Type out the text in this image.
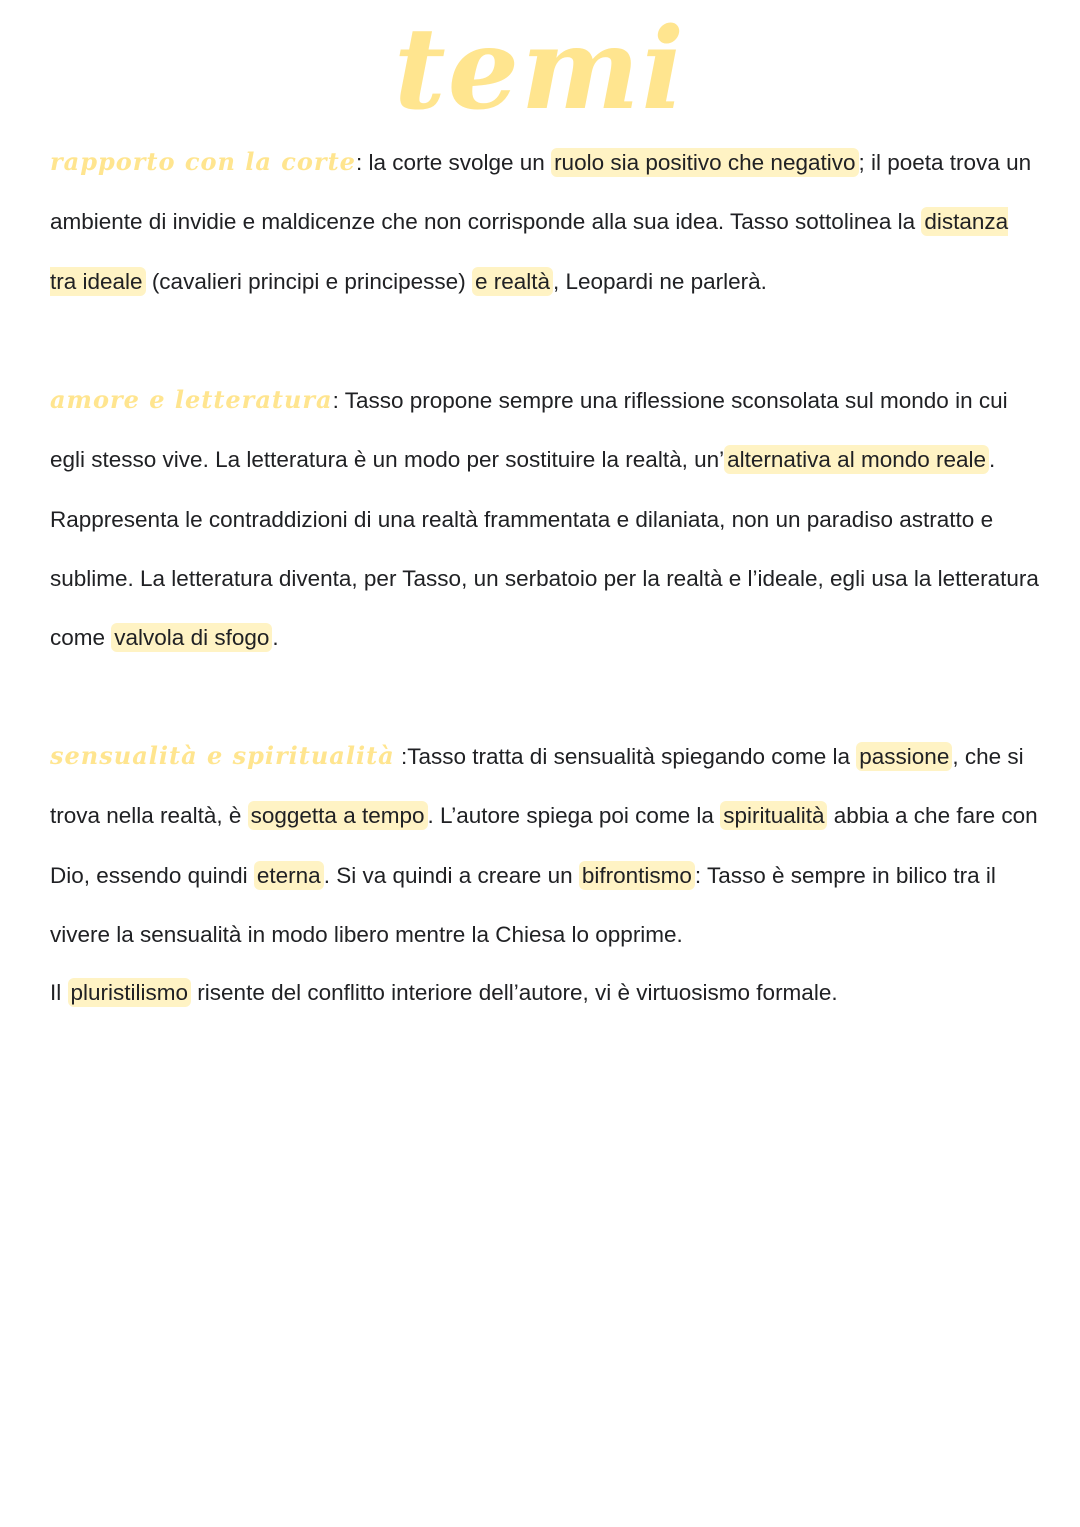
temi

rapporto con la corte: la corte svolge un ruolo sia positivo che negativo ; il poeta trova un ambiente di invidie e maldicenze che non corrisponde alla sua idea. Tasso sottolinea la distanza tra ideale (cavalieri principi e principesse) e realtà , Leopardi ne parlerà.

amore e letteratura: Tasso propone sempre una riflessione sconsolata sul mondo in cui egli stesso vive. La letteratura è un modo per sostituire la realtà, un’ alternativa al mondo reale . Rappresenta le contraddizioni di una realtà frammentata e dilaniata, non un paradiso astratto e sublime. La letteratura diventa, per Tasso, un serbatoio per la realtà e l’ideale, egli usa la letteratura come valvola di sfogo .

sensualità e spiritualità :Tasso tratta di sensualità spiegando come la passione , che si trova nella realtà, è soggetta a tempo . L’autore spiega poi come la spiritualità abbia a che fare con Dio, essendo quindi eterna . Si va quindi a creare un bifrontismo : Tasso è sempre in bilico tra il vivere la sensualità in modo libero mentre la Chiesa lo opprime.

Il pluristilismo risente del conflitto interiore dell’autore, vi è virtuosismo formale.
